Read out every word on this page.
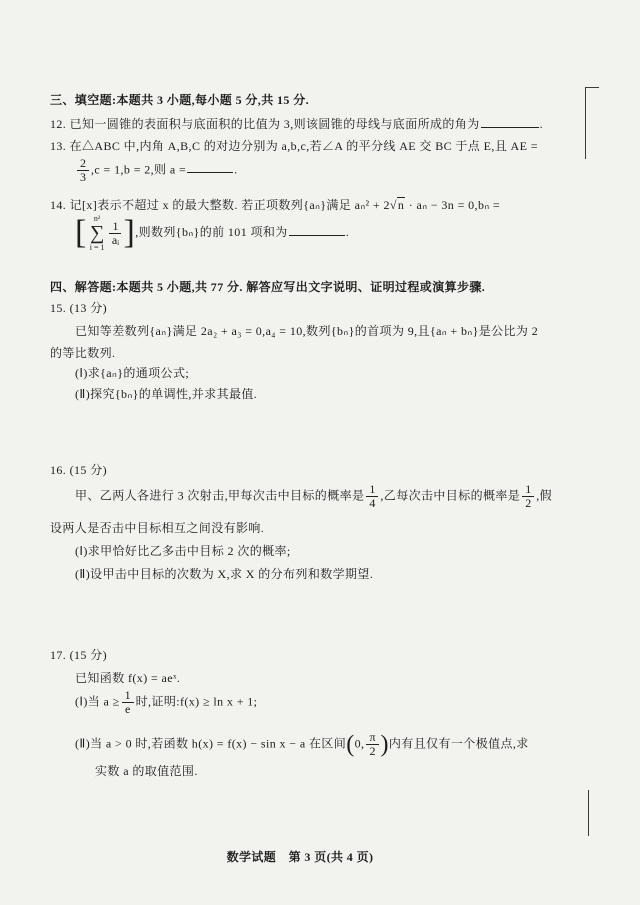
三、填空题:本题共 3 小题,每小题 5 分,共 15 分.
12. 已知一圆锥的表面积与底面积的比值为 3,则该圆锥的母线与底面所成的角为	.
13. 在△ABC 中,内角 A,B,C 的对边分别为 a,b,c,若∠A 的平分线 AE 交 BC 于点 E,且 AE =
$\frac{2}{3} ,c = 1,b = 2$,则 a =	.
14. 记[x]表示不超过 x 的最大整数. 若正项数列{aₙ}满足 aₙ² + 2√n · aₙ − 3n = 0,bₙ =
[ n²
∑
i = 1
$\frac{1}{\text{aᵢ}}$ ],则数列{bₙ}的前 101 项和为	.
四、解答题:本题共 5 小题,共 77 分. 解答应写出文字说明、证明过程或演算步骤.
15. (13 分)
已知等差数列{aₙ}满足 2a₂ + a₃ = 0,a₄ = 10,数列{bₙ}的首项为 9,且{aₙ + bₙ}是公比为 2
的等比数列.
(Ⅰ)求{aₙ}的通项公式;
(Ⅱ)探究{bₙ}的单调性,并求其最值.
16. (15 分)
甲、乙两人各进行 3 次射击,甲每次击中目标的概率是 $\frac{1}{4}$ ,乙每次击中目标的概率是 $\frac{1}{2}$ ,假
设两人是否击中目标相互之间没有影响.
(Ⅰ)求甲恰好比乙多击中目标 2 次的概率;
(Ⅱ)设甲击中目标的次数为 X,求 X 的分布列和数学期望.
17. (15 分)
已知函数 f(x) = aeˣ.
(Ⅰ)当 $a \ge \frac{1}{e}$ 时,证明:f(x) ≥ ln x + 1;
(Ⅱ)当 a > 0 时,若函数 h(x) = f(x) − sin x − a 在区间(0, $\frac{\pi}{2}$ )内有且仅有一个极值点,求
实数 a 的取值范围.
数学试题　第 3 页(共 4 页)
